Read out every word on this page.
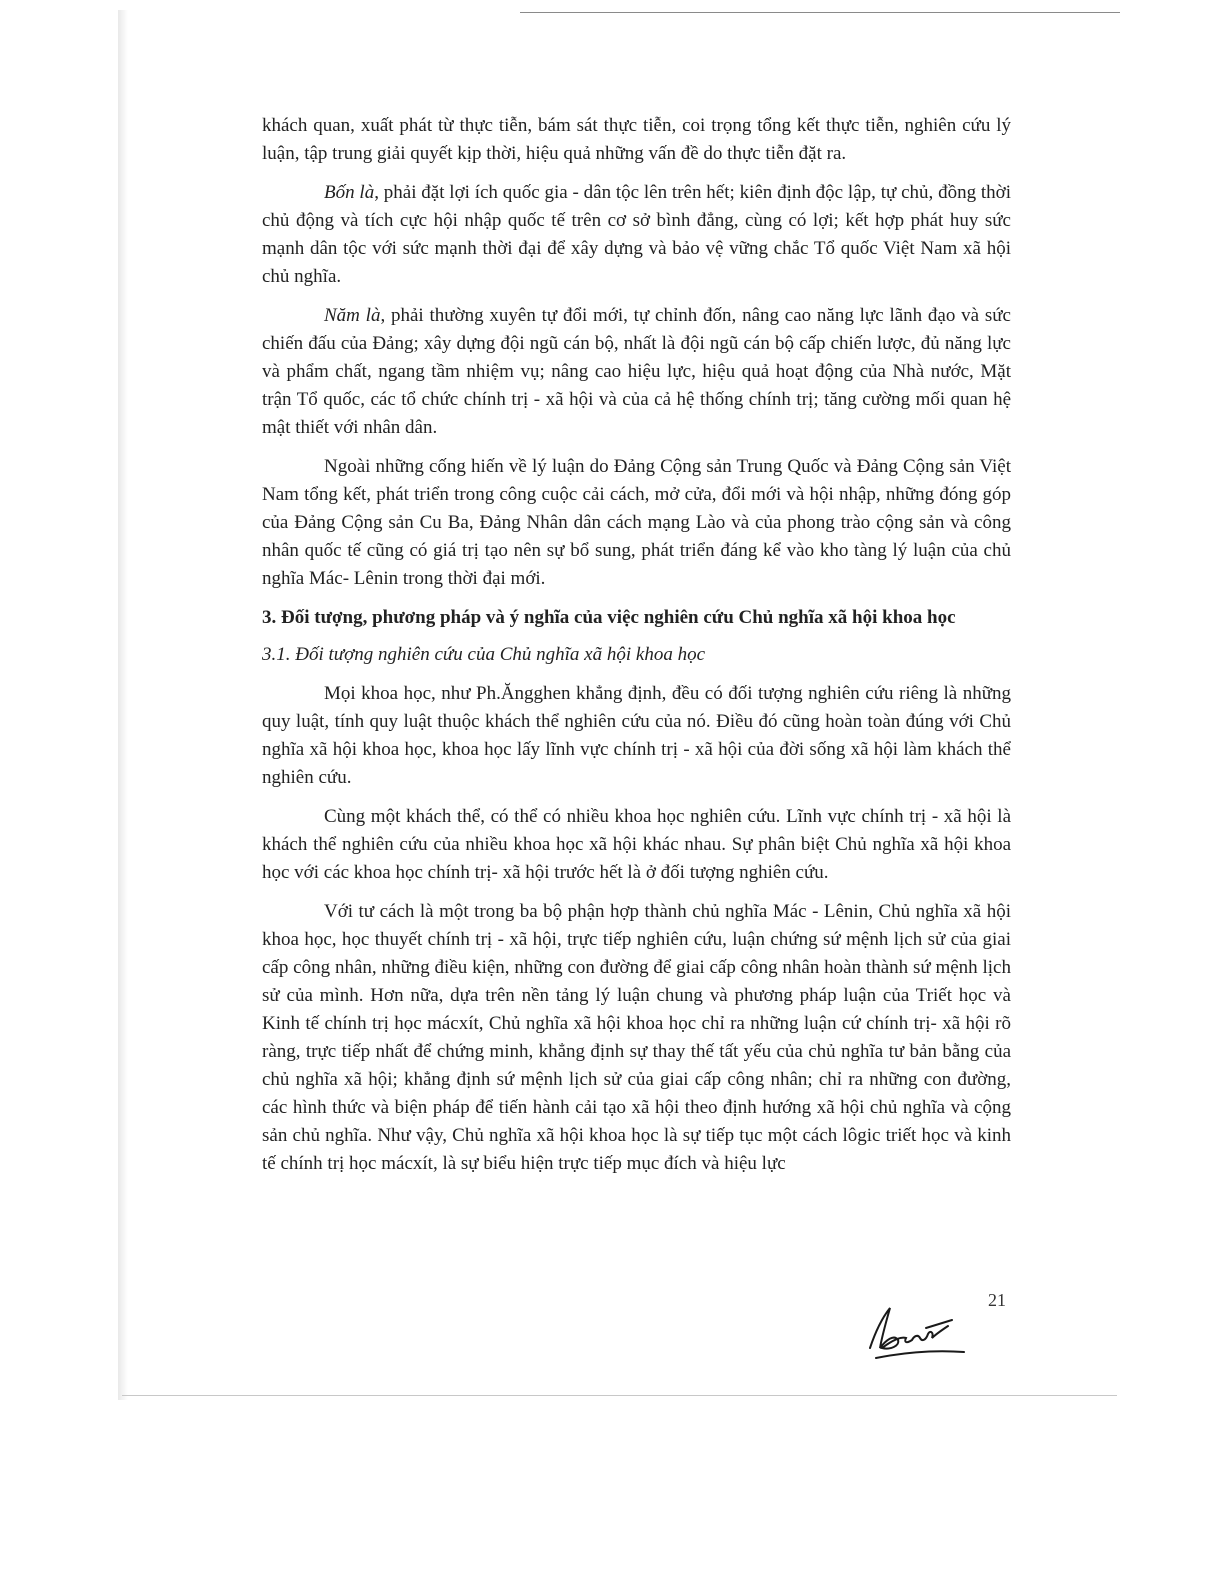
khách quan, xuất phát từ thực tiễn, bám sát thực tiễn, coi trọng tổng kết thực tiễn, nghiên cứu lý luận, tập trung giải quyết kịp thời, hiệu quả những vấn đề do thực tiễn đặt ra.

Bốn là, phải đặt lợi ích quốc gia - dân tộc lên trên hết; kiên định độc lập, tự chủ, đồng thời chủ động và tích cực hội nhập quốc tế trên cơ sở bình đẳng, cùng có lợi; kết hợp phát huy sức mạnh dân tộc với sức mạnh thời đại để xây dựng và bảo vệ vững chắc Tổ quốc Việt Nam xã hội chủ nghĩa.

Năm là, phải thường xuyên tự đổi mới, tự chỉnh đốn, nâng cao năng lực lãnh đạo và sức chiến đấu của Đảng; xây dựng đội ngũ cán bộ, nhất là đội ngũ cán bộ cấp chiến lược, đủ năng lực và phẩm chất, ngang tầm nhiệm vụ; nâng cao hiệu lực, hiệu quả hoạt động của Nhà nước, Mặt trận Tổ quốc, các tổ chức chính trị - xã hội và của cả hệ thống chính trị; tăng cường mối quan hệ mật thiết với nhân dân.

Ngoài những cống hiến về lý luận do Đảng Cộng sản Trung Quốc và Đảng Cộng sản Việt Nam tổng kết, phát triển trong công cuộc cải cách, mở cửa, đổi mới và hội nhập, những đóng góp của Đảng Cộng sản Cu Ba, Đảng Nhân dân cách mạng Lào và của phong trào cộng sản và công nhân quốc tế cũng có giá trị tạo nên sự bổ sung, phát triển đáng kể vào kho tàng lý luận của chủ nghĩa Mác- Lênin trong thời đại mới.

3. Đối tượng, phương pháp và ý nghĩa của việc nghiên cứu Chủ nghĩa xã hội khoa học
3.1. Đối tượng nghiên cứu của Chủ nghĩa xã hội khoa học

Mọi khoa học, như Ph.Ăngghen khẳng định, đều có đối tượng nghiên cứu riêng là những quy luật, tính quy luật thuộc khách thể nghiên cứu của nó. Điều đó cũng hoàn toàn đúng với Chủ nghĩa xã hội khoa học, khoa học lấy lĩnh vực chính trị - xã hội của đời sống xã hội làm khách thể nghiên cứu.

Cùng một khách thể, có thể có nhiều khoa học nghiên cứu. Lĩnh vực chính trị - xã hội là khách thể nghiên cứu của nhiều khoa học xã hội khác nhau. Sự phân biệt Chủ nghĩa xã hội khoa học với các khoa học chính trị- xã hội trước hết là ở đối tượng nghiên cứu.

Với tư cách là một trong ba bộ phận hợp thành chủ nghĩa Mác - Lênin, Chủ nghĩa xã hội khoa học, học thuyết chính trị - xã hội, trực tiếp nghiên cứu, luận chứng sứ mệnh lịch sử của giai cấp công nhân, những điều kiện, những con đường để giai cấp công nhân hoàn thành sứ mệnh lịch sử của mình. Hơn nữa, dựa trên nền tảng lý luận chung và phương pháp luận của Triết học và Kinh tế chính trị học mácxít, Chủ nghĩa xã hội khoa học chỉ ra những luận cứ chính trị- xã hội rõ ràng, trực tiếp nhất để chứng minh, khẳng định sự thay thế tất yếu của chủ nghĩa tư bản bằng của chủ nghĩa xã hội; khẳng định sứ mệnh lịch sử của giai cấp công nhân; chỉ ra những con đường, các hình thức và biện pháp để tiến hành cải tạo xã hội theo định hướng xã hội chủ nghĩa và cộng sản chủ nghĩa. Như vậy, Chủ nghĩa xã hội khoa học là sự tiếp tục một cách lôgic triết học và kinh tế chính trị học mácxít, là sự biểu hiện trực tiếp mục đích và hiệu lực

21
